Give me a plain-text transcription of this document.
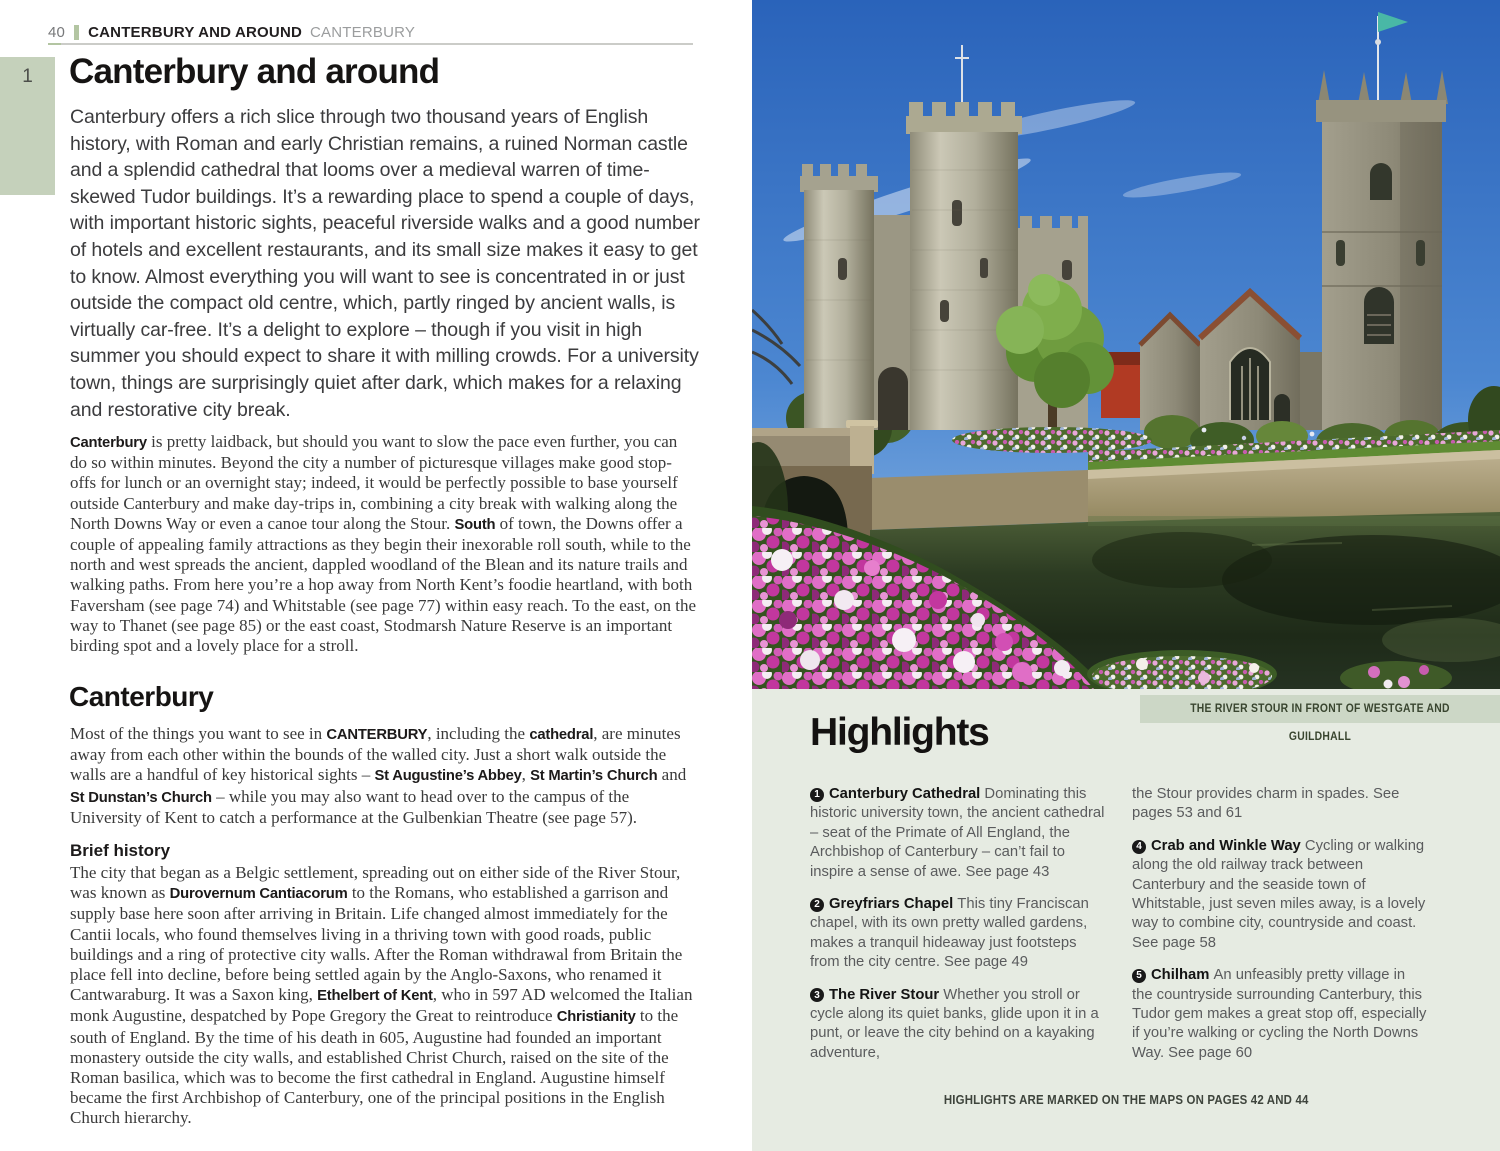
40 CANTERBURY AND AROUND CANTERBURY
1	Canterbury and around

Canterbury offers a rich slice through two thousand years of English history, with Roman and early Christian remains, a ruined Norman castle and a splendid cathedral that looms over a medieval warren of time-skewed Tudor buildings. It’s a rewarding place to spend a couple of days, with important historic sights, peaceful riverside walks and a good number of hotels and excellent restaurants, and its small size makes it easy to get to know. Almost everything you will want to see is concentrated in or just outside the compact old centre, which, partly ringed by ancient walls, is virtually car-free. It’s a delight to explore – though if you visit in high summer you should expect to share it with milling crowds. For a university town, things are surprisingly quiet after dark, which makes for a relaxing and restorative city break.

Canterbury is pretty laidback, but should you want to slow the pace even further, you can do so within minutes. Beyond the city a number of picturesque villages make good stop-offs for lunch or an overnight stay; indeed, it would be perfectly possible to base yourself outside Canterbury and make day-trips in, combining a city break with walking along the North Downs Way or even a canoe tour along the Stour. South of town, the Downs offer a couple of appealing family attractions as they begin their inexorable roll south, while to the north and west spreads the ancient, dappled woodland of the Blean and its nature trails and walking paths. From here you’re a hop away from North Kent’s foodie heartland, with both Faversham (see page 74) and Whitstable (see page 77) within easy reach. To the east, on the way to Thanet (see page 85) or the east coast, Stodmarsh Nature Reserve is an important birding spot and a lovely place for a stroll.

Canterbury

Most of the things you want to see in CANTERBURY, including the cathedral, are minutes away from each other within the bounds of the walled city. Just a short walk outside the walls are a handful of key historical sights – St Augustine’s Abbey, St Martin’s Church and St Dunstan’s Church – while you may also want to head over to the campus of the University of Kent to catch a performance at the Gulbenkian Theatre (see page 57).

Brief history

The city that began as a Belgic settlement, spreading out on either side of the River Stour, was known as Durovernum Cantiacorum to the Romans, who established a garrison and supply base here soon after arriving in Britain. Life changed almost immediately for the Cantii locals, who found themselves living in a thriving town with good roads, public buildings and a ring of protective city walls. After the Roman withdrawal from Britain the place fell into decline, before being settled again by the Anglo-Saxons, who renamed it Cantwaraburg. It was a Saxon king, Ethelbert of Kent, who in 597 AD welcomed the Italian monk Augustine, despatched by Pope Gregory the Great to reintroduce Christianity to the south of England. By the time of his death in 605, Augustine had founded an important monastery outside the city walls, and established Christ Church, raised on the site of the Roman basilica, which was to become the first cathedral in England. Augustine himself became the first Archbishop of Canterbury, one of the principal positions in the English Church hierarchy.

THE RIVER STOUR IN FRONT OF WESTGATE AND GUILDHALL
Highlights

1 Canterbury Cathedral Dominating this historic university town, the ancient cathedral – seat of the Primate of All England, the Archbishop of Canterbury – can’t fail to inspire a sense of awe. See page 43

2 Greyfriars Chapel This tiny Franciscan chapel, with its own pretty walled gardens, makes a tranquil hideaway just footsteps from the city centre. See page 49

3 The River Stour Whether you stroll or cycle along its quiet banks, glide upon it in a punt, or leave the city behind on a kayaking adventure,

the Stour provides charm in spades. See pages 53 and 61

4 Crab and Winkle Way Cycling or walking along the old railway track between Canterbury and the seaside town of Whitstable, just seven miles away, is a lovely way to combine city, countryside and coast. See page 58

5 Chilham An unfeasibly pretty village in the countryside surrounding Canterbury, this Tudor gem makes a great stop off, especially if you’re walking or cycling the North Downs Way. See page 60

HIGHLIGHTS ARE MARKED ON THE MAPS ON PAGES 42 AND 44
